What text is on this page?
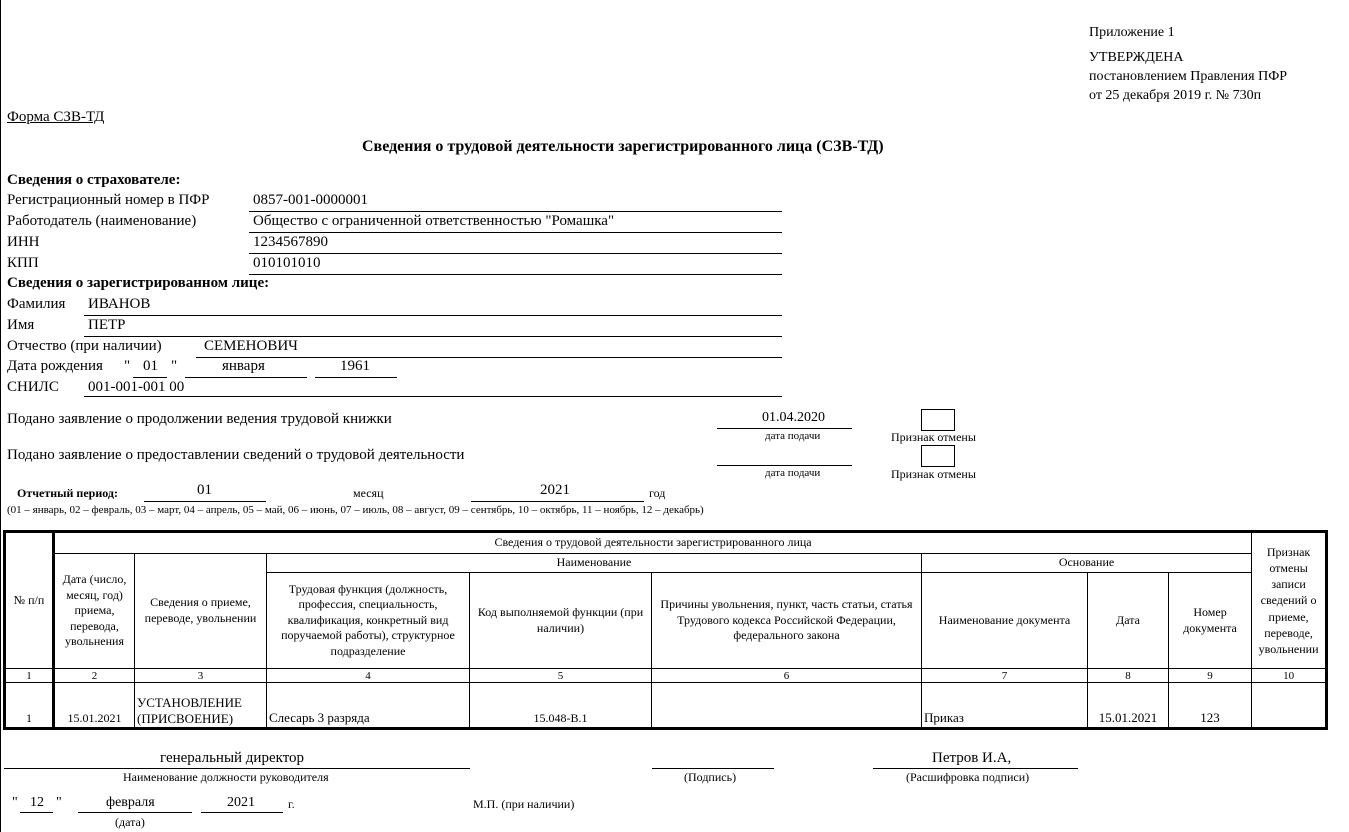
Приложение 1
УТВЕРЖДЕНА
постановлением Правления ПФР
от 25 декабря 2019 г. № 730п
Форма СЗВ-ТД
Сведения о трудовой деятельности зарегистрированного лица (СЗВ-ТД)
Сведения о страхователе:
Регистрационный номер в ПФР	0857-001-0000001
Работодатель (наименование)	Общество с ограниченной ответственностью "Ромашка"
ИНН	1234567890
КПП	010101010
Сведения о зарегистрированном лице:
Фамилия ИВАНОВ
Имя	ПЕТР
Отчество (при наличии)	СЕМЕНОВИЧ
Дата рождения " 01 "	января	1961
СНИЛС 001-001-001 00
Подано заявление о продолжении ведения трудовой книжки	01.04.2020
дата подачи	Признак отмены
Подано заявление о предоставлении сведений о трудовой деятельности
дата подачи	Признак отмены
Отчетный период:	01	месяц	2021	год
(01 – январь, 02 – февраль, 03 – март, 04 – апрель, 05 – май, 06 – июнь, 07 – июль, 08 – август, 09 – сентябрь, 10 – октябрь, 11 – ноябрь, 12 – декабрь)
№ п/п	Сведения о трудовой деятельности зарегистрированного лица								Признак отмены записи сведений о приеме, переводе, увольнении
	Дата (число, месяц, год) приема, перевода, увольнения	Сведения о приеме, переводе, увольнении	Наименование			Основание			
			Трудовая функция (должность, профессия, специальность, квалификация, конкретный вид поручаемой работы), структурное подразделение	Код выполняемой функции (при наличии)	Причины увольнения, пункт, часть статьи, статья Трудового кодекса Российской Федерации, федерального закона	Наименование документа	Дата	Номер документа	
1	2	3	4	5	6	7	8	9	10
1	15.01.2021	УСТАНОВЛЕНИЕ (ПРИСВОЕНИЕ)	Слесарь 3 разряда	15.048-В.1		Приказ	15.01.2021	123	
генеральный директор
Наименование должности руководителя	(Подпись)
Петров И.А,
(Расшифровка подписи)
" 12 "	февраля	2021	г.
(дата)
М.П. (при наличии)
